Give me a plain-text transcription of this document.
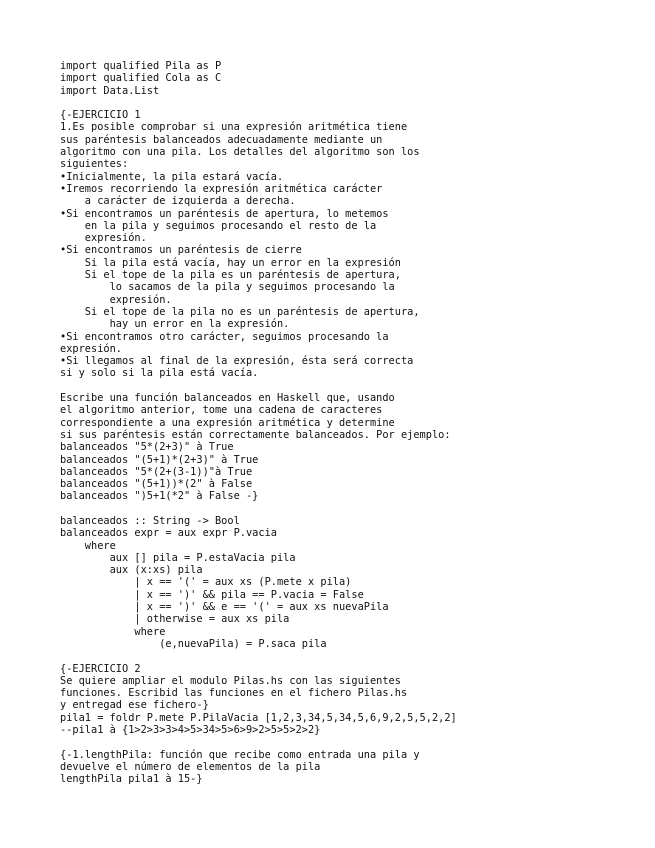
import qualified Pila as P
import qualified Cola as C
import Data.List
{-EJERCICIO 1
1.Es posible comprobar si una expresión aritmética tiene
sus paréntesis balanceados adecuadamente mediante un
algoritmo con una pila. Los detalles del algoritmo son los
siguientes:
•Inicialmente, la pila estará vacía.
•Iremos recorriendo la expresión aritmética carácter
a carácter de izquierda a derecha.
•Si encontramos un paréntesis de apertura, lo metemos
en la pila y seguimos procesando el resto de la
expresión.
•Si encontramos un paréntesis de cierre
Si la pila está vacía, hay un error en la expresión
Si el tope de la pila es un paréntesis de apertura,
lo sacamos de la pila y seguimos procesando la
expresión.
Si el tope de la pila no es un paréntesis de apertura,
hay un error en la expresión.
•Si encontramos otro carácter, seguimos procesando la
expresión.
•Si llegamos al final de la expresión, ésta será correcta
si y solo si la pila está vacía.
Escribe una función balanceados en Haskell que, usando
el algoritmo anterior, tome una cadena de caracteres
correspondiente a una expresión aritmética y determine
si sus paréntesis están correctamente balanceados. Por ejemplo:
balanceados "5*(2+3)" à True
balanceados "(5+1)*(2+3)" à True
balanceados "5*(2+(3-1))"à True
balanceados "(5+1))*(2" à False
balanceados ")5+1(*2" à False -}
balanceados :: String -> Bool
balanceados expr = aux expr P.vacia
where
aux [] pila = P.estaVacia pila
aux (x:xs) pila
| x == '(' = aux xs (P.mete x pila)
| x == ')' && pila == P.vacia = False
| x == ')' && e == '(' = aux xs nuevaPila
| otherwise = aux xs pila
where
(e,nuevaPila) = P.saca pila
{-EJERCICIO 2
Se quiere ampliar el modulo Pilas.hs con las siguientes
funciones. Escribid las funciones en el fichero Pilas.hs
y entregad ese fichero-}
pila1 = foldr P.mete P.PilaVacia [1,2,3,34,5,34,5,6,9,2,5,5,2,2]
--pila1 à {1>2>3>3>4>5>34>5>6>9>2>5>5>2>2}
{-1.lengthPila: función que recibe como entrada una pila y
devuelve el número de elementos de la pila
lengthPila pila1 à 15-}
